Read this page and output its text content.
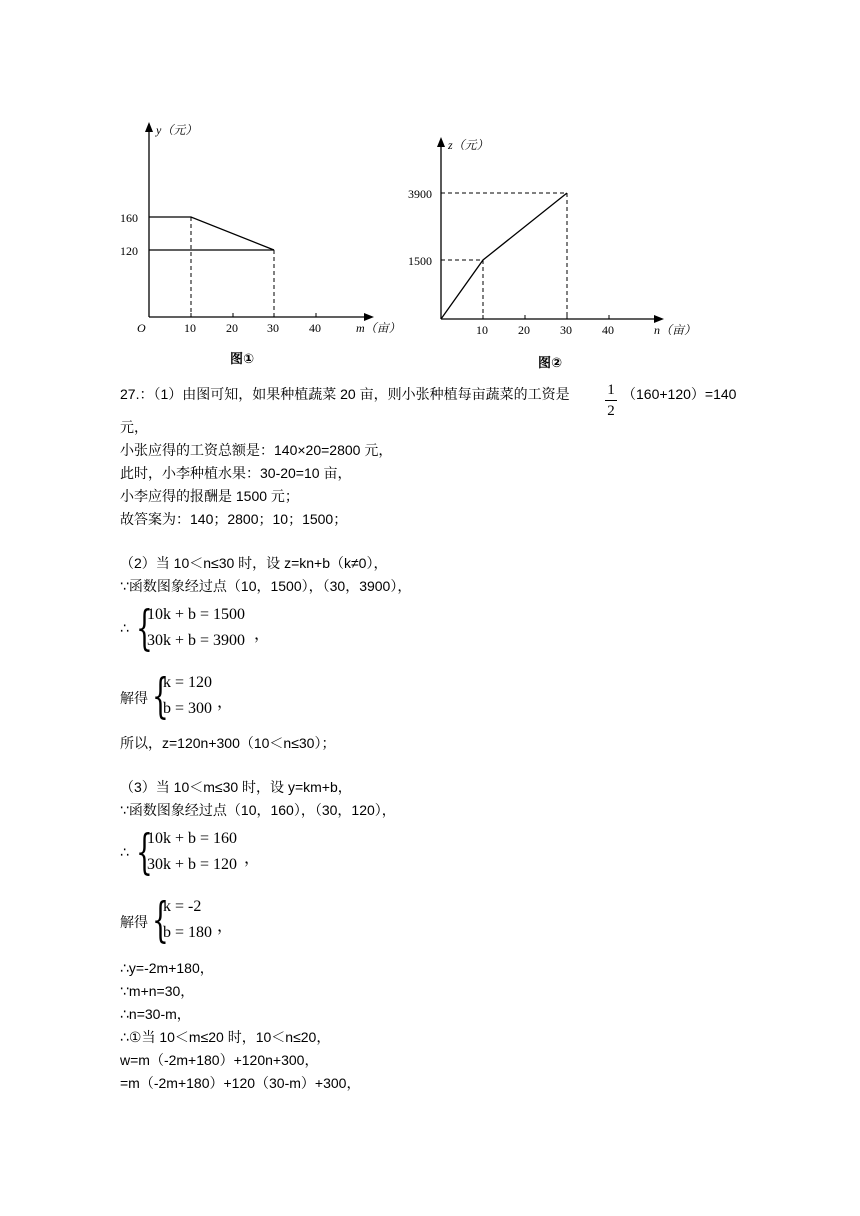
y（元）
160
120
O	10	20 30	40	m（亩）
图①
z（元）
3900
1500
10	20	30	40	n（亩）
图②
27.：（1）由图可知，如果种植蔬菜 20 亩，则小张种植每亩蔬菜的工资是	1
2
（160+120）=140
元，
小张应得的工资总额是：140×20=2800 元，
此时，小李种植水果：30-20=10 亩，
小李应得的报酬是 1500 元；
故答案为：140；2800；10；1500；
（2）当 10＜n≤30 时，设 z=kn+b（k≠0），
∵函数图象经过点（10，1500），（30，3900），
∴ {
10k + b = 1500
30k + b = 3900 ，
解得 {
k = 120
b = 300 ，
所以，z=120n+300（10＜n≤30）；
（3）当 10＜m≤30 时，设 y=km+b，
∵函数图象经过点（10，160），（30，120），
∴ {
10k + b = 160
30k + b = 120 ，
解得 {
k = -2
b = 180 ，
∴y=-2m+180，
∵m+n=30，
∴n=30-m，
∴①当 10＜m≤20 时，10＜n≤20，
w=m（-2m+180）+120n+300，
=m（-2m+180）+120（30-m）+300，
